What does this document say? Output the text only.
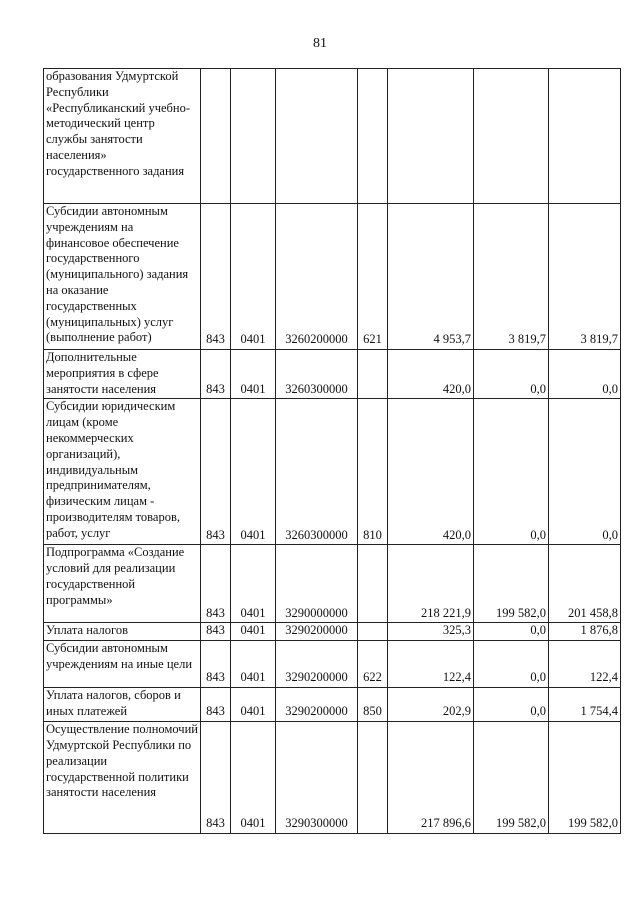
81
образования Удмуртской Республики «Республиканский учебно-методический центр службы занятости населения» государственного задания							
Субсидии автономным учреждениям на финансовое обеспечение государственного (муниципального) задания на оказание государственных (муниципальных) услуг (выполнение работ)	843	0401	3260200000	621	4 953,7	3 819,7	3 819,7
Дополнительные мероприятия в сфере занятости населения	843	0401	3260300000		420,0	0,0	0,0
Субсидии юридическим лицам (кроме некоммерческих организаций), индивидуальным предпринимателям, физическим лицам - производителям товаров, работ, услуг	843	0401	3260300000	810	420,0	0,0	0,0
Подпрограмма «Создание условий для реализации государственной программы»	843	0401	3290000000		218 221,9	199 582,0	201 458,8
Уплата налогов	843	0401	3290200000		325,3	0,0	1 876,8
Субсидии автономным учреждениям на иные цели	843	0401	3290200000	622	122,4	0,0	122,4
Уплата налогов, сборов и иных платежей	843	0401	3290200000	850	202,9	0,0	1 754,4
Осуществление полномочий Удмуртской Республики по реализации государственной политики занятости населения	843	0401	3290300000		217 896,6	199 582,0	199 582,0
